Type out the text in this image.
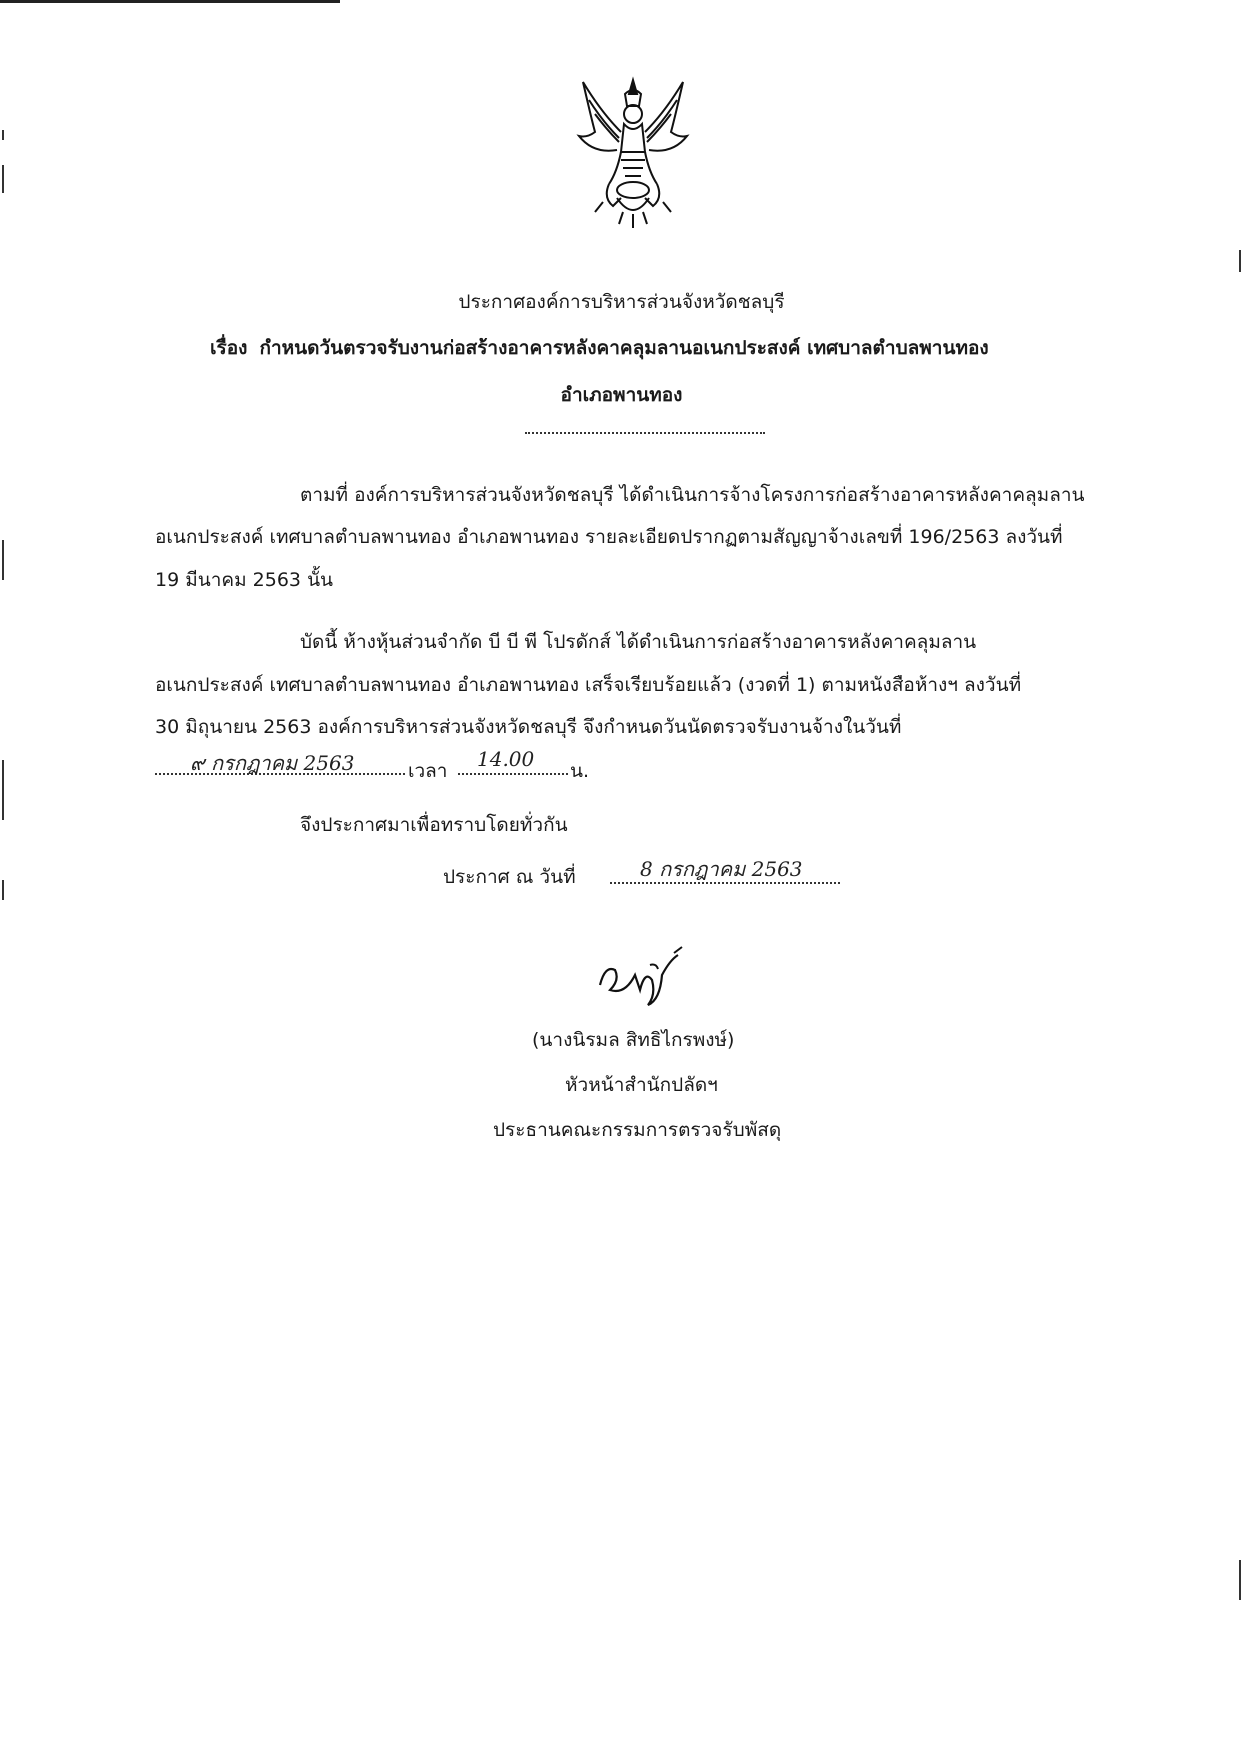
ประกาศองค์การบริหารส่วนจังหวัดชลบุรี
เรื่อง กำหนดวันตรวจรับงานก่อสร้างอาคารหลังคาคลุมลานอเนกประสงค์ เทศบาลตำบลพานทอง
อำเภอพานทอง
ตามที่ องค์การบริหารส่วนจังหวัดชลบุรี ได้ดำเนินการจ้างโครงการก่อสร้างอาคารหลังคาคลุมลาน
อเนกประสงค์ เทศบาลตำบลพานทอง อำเภอพานทอง รายละเอียดปรากฏตามสัญญาจ้างเลขที่ 196/2563 ลงวันที่
19 มีนาคม 2563 นั้น
บัดนี้ ห้างหุ้นส่วนจำกัด บี บี พี โปรดักส์ ได้ดำเนินการก่อสร้างอาคารหลังคาคลุมลาน
อเนกประสงค์ เทศบาลตำบลพานทอง อำเภอพานทอง เสร็จเรียบร้อยแล้ว (งวดที่ 1) ตามหนังสือห้างฯ ลงวันที่
30 มิถุนายน 2563 องค์การบริหารส่วนจังหวัดชลบุรี จึงกำหนดวันนัดตรวจรับงานจ้างในวันที่
๙ กรกฎาคม 2563	เวลา 14.00 น.
จึงประกาศมาเพื่อทราบโดยทั่วกัน
ประกาศ ณ วันที่	8 กรกฎาคม 2563
(นางนิรมล สิทธิไกรพงษ์)
หัวหน้าสำนักปลัดฯ
ประธานคณะกรรมการตรวจรับพัสดุ
